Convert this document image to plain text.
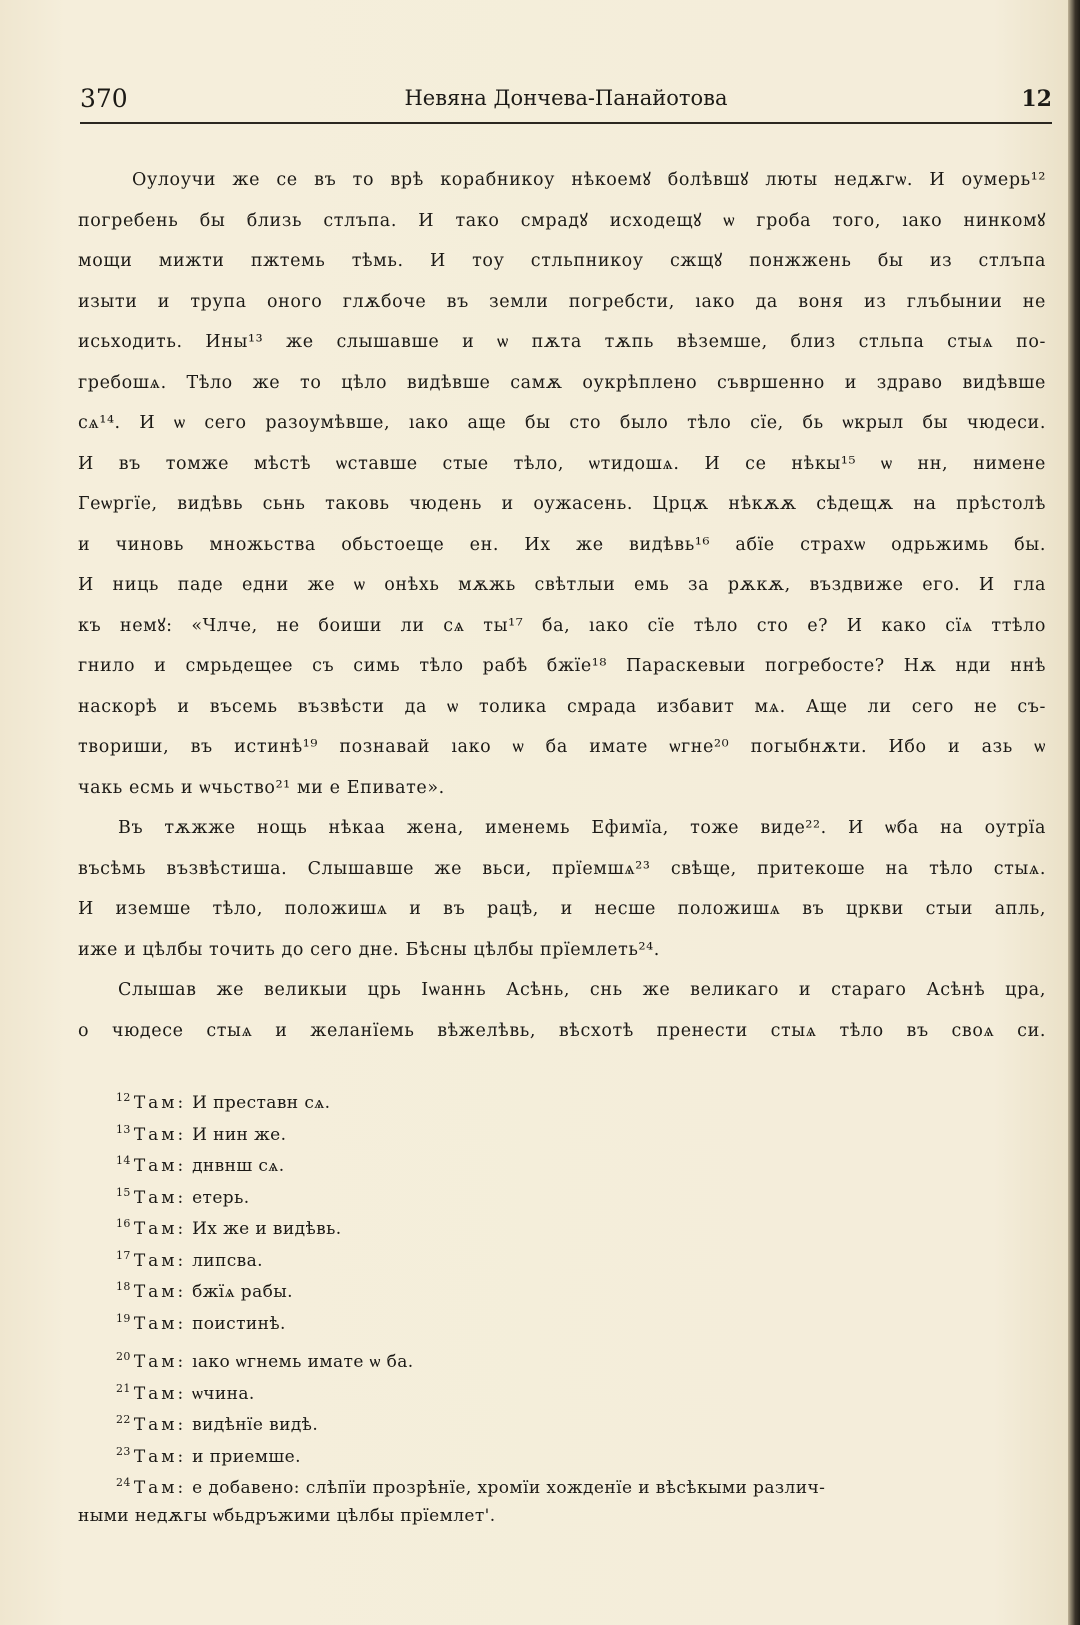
370	Невяна Дончева-Панайотова	12
Оулоучи же се въ то врѣ корабникоу нѣкоемꙋ болѣвшꙋ люты недѫгѡ. И оумерь¹²
погребень бы близь стлъпа. И тако смрадꙋ исходещꙋ ѡ гроба того, ıако нинкомꙋ
мощи мижти пжтемь тѣмь. И тоу стльпникоу сжщꙋ понжжень бы из стлъпа
изыти и трупа оного глѫбоче въ земли погребсти, ıако да воня из глъбынии не
исьходить. Ины¹³ же слышавше и ѡ пѫта тѫпь вѣземше, близ стльпа стыѧ по-
гребошѧ. Тѣло же то цѣло видѣвше самѫ оукрѣплено съвршенно и здраво видѣвше
сѧ¹⁴. И ѡ сего разоумѣвше, ıако аще бы сто было тѣло сїе, бь ѡкрыл бы чюдеси.
И въ томже мѣстѣ ѡставше стые тѣло, ѡтидошѧ. И се нѣкы¹⁵ ѡ нн, нимене
Геѡргїе, видѣвь сьнь таковь чюдень и оужасень. Црцѫ нѣкѫѫ сѣдещѫ на прѣстолѣ
и чиновь множьства обьстоеще ен. Их же видѣвь¹⁶ абїе страхѡ одрьжимь бы.
И ниць паде едни же ѡ онѣхь мѫжь свѣтлыи емь за рѫкѫ, въздвиже его. И гла
къ немꙋ: «Члче, не боиши ли сѧ ты¹⁷ ба, ıако сїе тѣло сто е? И како сїѧ ттѣло
гнило и смрьдещее съ симь тѣло рабѣ бжїе¹⁸ Параскевыи погребосте? Нѫ нди ннѣ
наскорѣ и въсемь възвѣсти да ѡ толика смрада избавит мѧ. Аще ли сего не съ-
твориши, въ истинѣ¹⁹ познавай ıако ѡ ба имате ѡгне²⁰ погыбнѫти. Ибо и азь ѡ
чакь есмь и ѡчьство²¹ ми е Епивате».
Въ тѫжже нощь нѣкаа жена, именемь Ефимїа, тоже виде²². И ѡба на оутрїа
въсѣмь възвѣстиша. Слышавше же вьси, прїемшѧ²³ свѣще, притекоше на тѣло стыѧ.
И иземше тѣло, положишѧ и въ рацѣ, и несше положишѧ въ цркви стыи апль,
иже и цѣлбы точить до сего дне. Бѣсны цѣлбы прїемлеть²⁴.
Слышав же великыи црь Іѡаннь Асѣнь, снь же великаго и стараго Асѣнѣ цра,
о чюдесе стыѧ и желанїемь вѣжелѣвь, вѣсхотѣ пренести стыѧ тѣло въ своѧ си.
$^{12}$ Там: И преставн сѧ.
$^{13}$ Там: И нин же.
$^{14}$ Там: днвнш сѧ.
$^{15}$ Там: етерь.
$^{16}$ Там: Их же и видѣвь.
$^{17}$ Там: липсва.
$^{18}$ Там: бжїѧ рабы.
$^{19}$ Там: поистинѣ.
$^{20}$ Там: ıако ѡгнемь имате ѡ ба.
$^{21}$ Там: ѡчина.
$^{22}$ Там: видѣнїе видѣ.
$^{23}$ Там: и приемше.
$^{24}$ Там: е добавено: слѣпїи прозрѣнїе, хромїи хожденїе и вѣсѣкыми различ-
ными недѫгы ѡбьдръжими цѣлбы прїемлет'.
